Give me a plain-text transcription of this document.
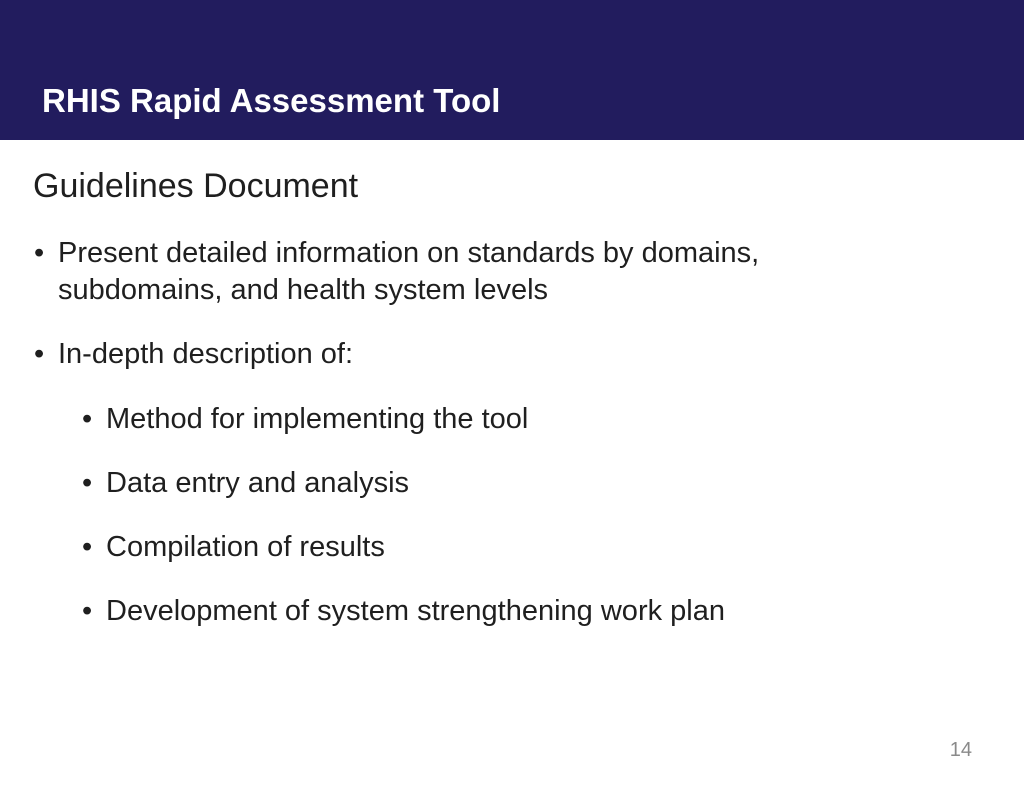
RHIS Rapid Assessment Tool
Guidelines Document
• Present detailed information on standards by domains, subdomains, and health system levels
• In-depth description of:
• Method for implementing the tool
• Data entry and analysis
• Compilation of results
• Development of system strengthening work plan
14
